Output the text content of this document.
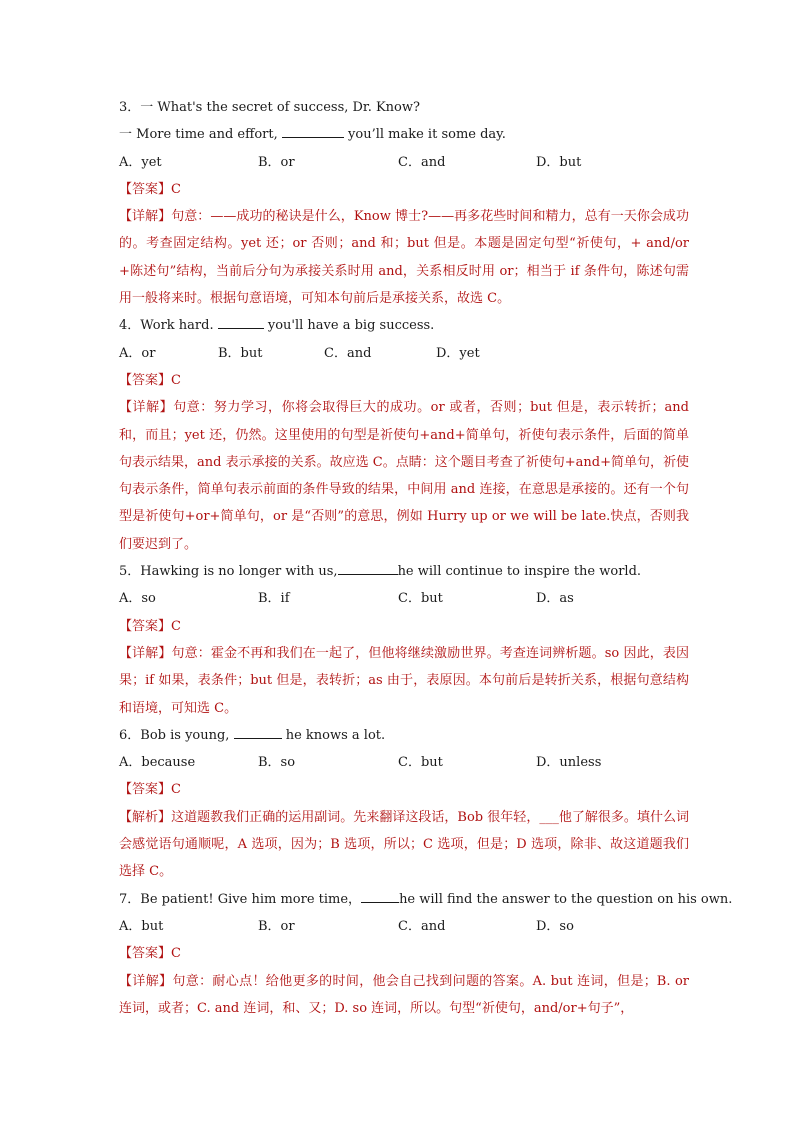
3．一 What's the secret of success, Dr. Know?
一 More time and effort,	you’ll make it some day.
A．yet	B．or	C．and	D．but
【答案】C
【详解】句意：——成功的秘诀是什么，Know 博士?——再多花些时间和精力，总有一天你会成功的。考查固定结构。yet 还；or 否则；and 和；but 但是。本题是固定句型“祈使句，+ and/or +陈述句”结构，当前后分句为承接关系时用 and，关系相反时用 or；相当于 if 条件句，陈述句需用一般将来时。根据句意语境，可知本句前后是承接关系，故选 C。
4．Work hard.	you'll have a big success.
A．or	B．but	C．and	D．yet
【答案】C
【详解】句意：努力学习，你将会取得巨大的成功。or 或者，否则；but 但是，表示转折；and 和，而且；yet 还，仍然。这里使用的句型是祈使句+and+简单句，祈使句表示条件，后面的简单句表示结果，and 表示承接的关系。故应选 C。点睛：这个题目考查了祈使句+and+简单句，祈使句表示条件，简单句表示前面的条件导致的结果，中间用 and 连接，在意思是承接的。还有一个句型是祈使句+or+简单句，or 是“否则”的意思，例如 Hurry up or we will be late.快点，否则我们要迟到了。
5．Hawking is no longer with us,	he will continue to inspire the world.
A．so	B．if	C．but	D．as
【答案】C
【详解】句意：霍金不再和我们在一起了，但他将继续激励世界。考查连词辨析题。so 因此，表因果；if 如果，表条件；but 但是，表转折；as 由于，表原因。本句前后是转折关系，根据句意结构和语境，可知选 C。
6．Bob is young,	he knows a lot.
A．because	B．so	C．but	D．unless
【答案】C
【解析】这道题教我们正确的运用副词。先来翻译这段话，Bob 很年轻，___他了解很多。填什么词会感觉语句通顺呢，A 选项，因为；B 选项，所以；C 选项，但是；D 选项，除非、故这道题我们选择 C。
7．Be patient! Give him more time，	he will find the answer to the question on his own.
A．but	B．or	C．and	D．so
【答案】C
【详解】句意：耐心点！给他更多的时间，他会自己找到问题的答案。A. but 连词，但是；B. or 连词，或者；C. and 连词，和、又；D. so 连词，所以。句型“祈使句，and/or+句子”，
